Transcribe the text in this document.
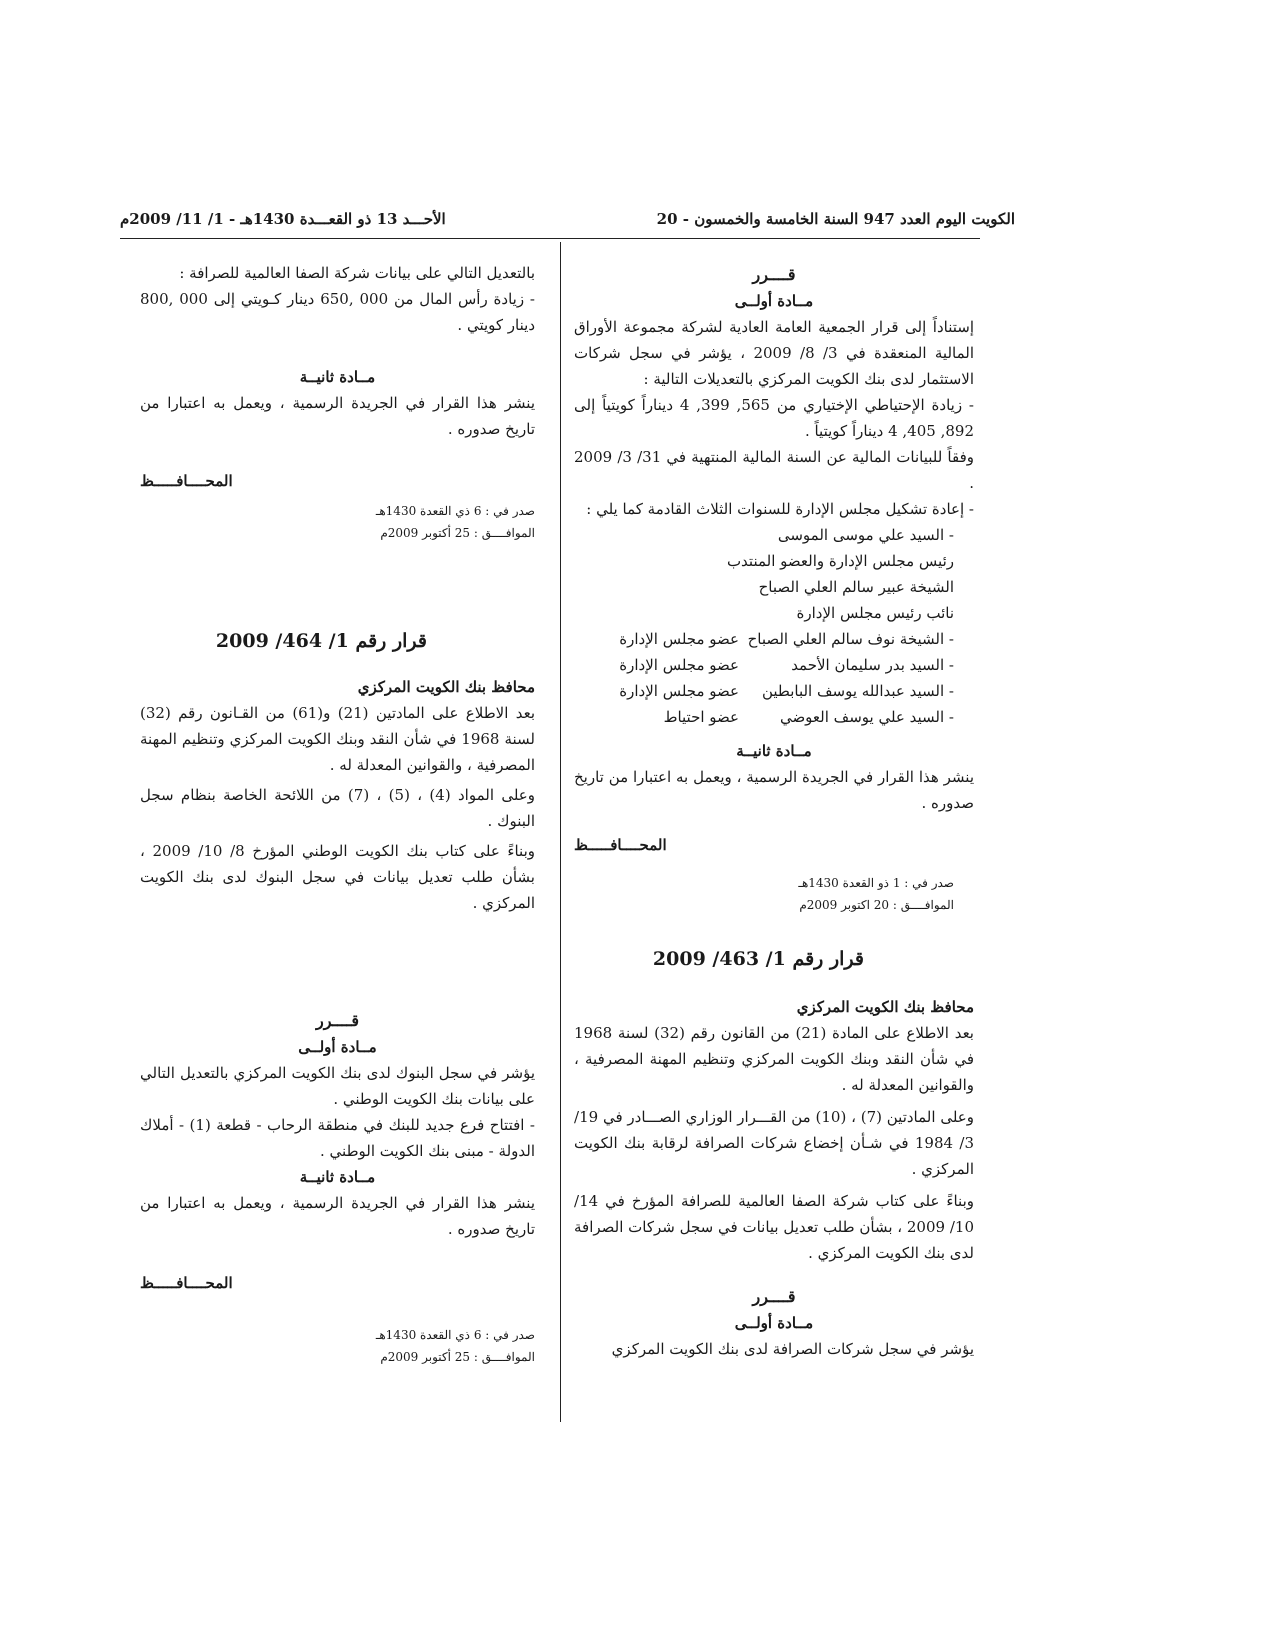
الكويت اليوم العدد 947 السنة الخامسة والخمسون - 20
الأحـــد 13 ذو القعـــدة 1430هـ - 1/ 11/ 2009م

قــــرر

مــادة أولــى

إستناداً إلى قرار الجمعية العامة العادية لشركة مجموعة الأوراق المالية المنعقدة في 3/ 8/ 2009 ، يؤشر في سجل شركات الاستثمار لدى بنك الكويت المركزي بالتعديلات التالية :

- زيادة الإحتياطي الإختياري من 565, 399, 4 ديناراً كويتياً إلى 892, 405, 4 ديناراً كويتياً .

وفقاً للبيانات المالية عن السنة المالية المنتهية في 31/ 3/ 2009 .

- إعادة تشكيل مجلس الإدارة للسنوات الثلاث القادمة كما يلي :

- السيد علي موسى الموسى

رئيس مجلس الإدارة والعضو المنتدب

الشيخة عبير سالم العلي الصباح

نائب رئيس مجلس الإدارة

- الشيخة نوف سالم العلي الصباح
عضو مجلس الإدارة
- السيد بدر سليمان الأحمد
عضو مجلس الإدارة
- السيد عبدالله يوسف البابطين
عضو مجلس الإدارة
- السيد علي يوسف العوضي
عضو احتياط

مــادة ثانيــة

ينشر هذا القرار في الجريدة الرسمية ، ويعمل به اعتبارا من تاريخ صدوره .

المحــــافـــــظ

صدر في : 1 ذو القعدة 1430هـ

الموافــــق : 20 اكتوبر 2009م

قرار رقم 1/ 463/ 2009

محافظ بنك الكويت المركزي

بعد الاطلاع على المادة (21) من القانون رقم (32) لسنة 1968 في شأن النقد وبنك الكويت المركزي وتنظيم المهنة المصرفية ، والقوانين المعدلة له .

وعلى المادتين (7) ، (10) من القـــرار الوزاري الصـــادر في 19/ 3/ 1984 في شـأن إخضاع شركات الصرافة لرقابة بنك الكويت المركزي .

وبناءً على كتاب شركة الصفا العالمية للصرافة المؤرخ في 14/ 10/ 2009 ، بشأن طلب تعديل بيانات في سجل شركات الصرافة لدى بنك الكويت المركزي .

قــــرر

مــادة أولــى

يؤشر في سجل شركات الصرافة لدى بنك الكويت المركزي

بالتعديل التالي على بيانات شركة الصفا العالمية للصرافة :

- زيادة رأس المال من 000 ,650 دينار كـويتي إلى 000 ,800 دينار كويتي .

مــادة ثانيــة

ينشر هذا القرار في الجريدة الرسمية ، ويعمل به اعتبارا من تاريخ صدوره .

المحــــافـــــظ

صدر في : 6 ذي القعدة 1430هـ

الموافــــق : 25 أكتوبر 2009م

قرار رقم 1/ 464/ 2009

محافظ بنك الكويت المركزي

بعد الاطلاع على المادتين (21) و(61) من القـانون رقم (32) لسنة 1968 في شأن النقد وبنك الكويت المركزي وتنظيم المهنة المصرفية ، والقوانين المعدلة له .

وعلى المواد (4) ، (5) ، (7) من اللائحة الخاصة بنظام سجل البنوك .

وبناءً على كتاب بنك الكويت الوطني المؤرخ 8/ 10/ 2009 ، بشأن طلب تعديل بيانات في سجل البنوك لدى بنك الكويت المركزي .

قــــرر

مــادة أولــى

يؤشر في سجل البنوك لدى بنك الكويت المركزي بالتعديل التالي على بيانات بنك الكويت الوطني .

- افتتاح فرع جديد للبنك في منطقة الرحاب - قطعة (1) - أملاك الدولة - مبنى بنك الكويت الوطني .

مــادة ثانيــة

ينشر هذا القرار في الجريدة الرسمية ، ويعمل به اعتبارا من تاريخ صدوره .

المحــــافـــــظ

صدر في : 6 ذي القعدة 1430هـ

الموافــــق : 25 أكتوبر 2009م
